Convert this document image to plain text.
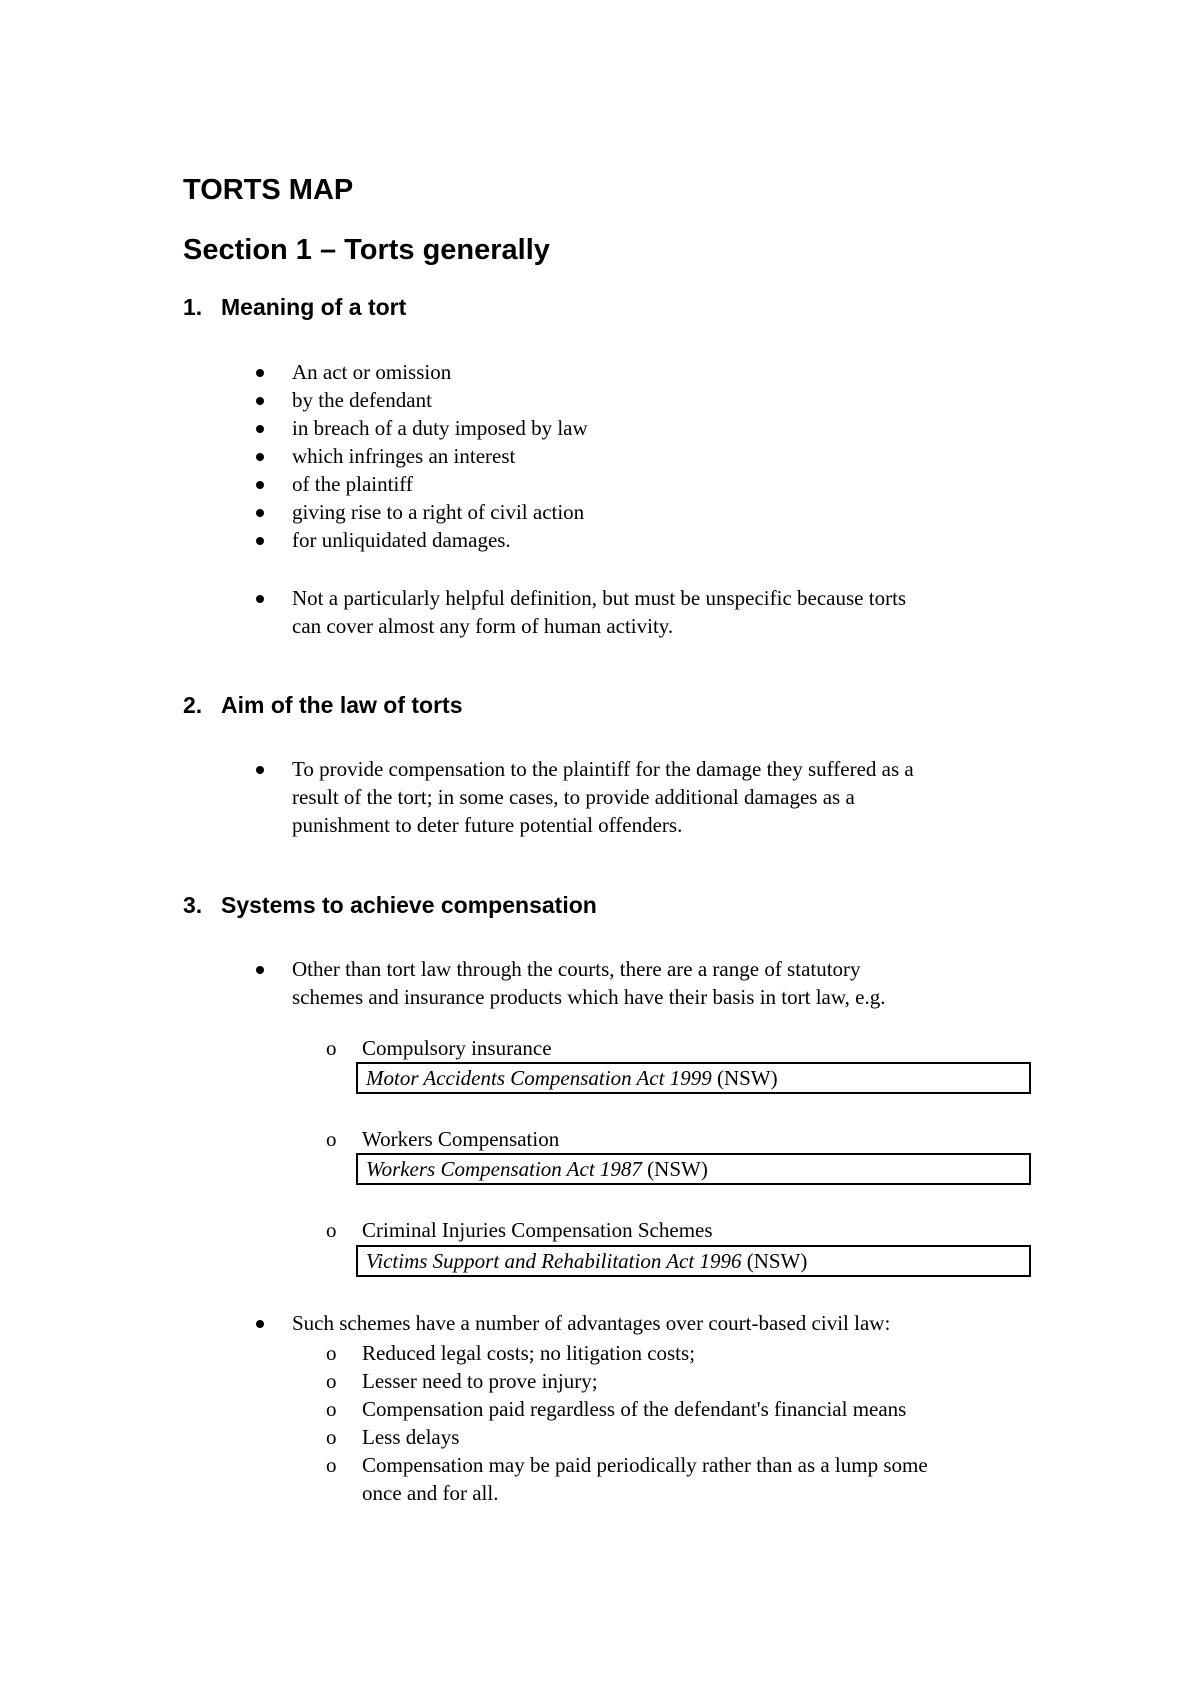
TORTS MAP
Section 1 – Torts generally
1. Meaning of a tort
An act or omission
by the defendant
in breach of a duty imposed by law
which infringes an interest
of the plaintiff
giving rise to a right of civil action
for unliquidated damages.
Not a particularly helpful definition, but must be unspecific because torts
can cover almost any form of human activity.
2. Aim of the law of torts
To provide compensation to the plaintiff for the damage they suffered as a
result of the tort; in some cases, to provide additional damages as a
punishment to deter future potential offenders.
3. Systems to achieve compensation
Other than tort law through the courts, there are a range of statutory
schemes and insurance products which have their basis in tort law, e.g.
o	Compulsory insurance
Motor Accidents Compensation Act 1999 (NSW)
o	Workers Compensation
Workers Compensation Act 1987 (NSW)
o	Criminal Injuries Compensation Schemes
Victims Support and Rehabilitation Act 1996 (NSW)
Such schemes have a number of advantages over court-based civil law:
o	Reduced legal costs; no litigation costs;
o	Lesser need to prove injury;
o	Compensation paid regardless of the defendant's financial means
o	Less delays
o	Compensation may be paid periodically rather than as a lump some
once and for all.
